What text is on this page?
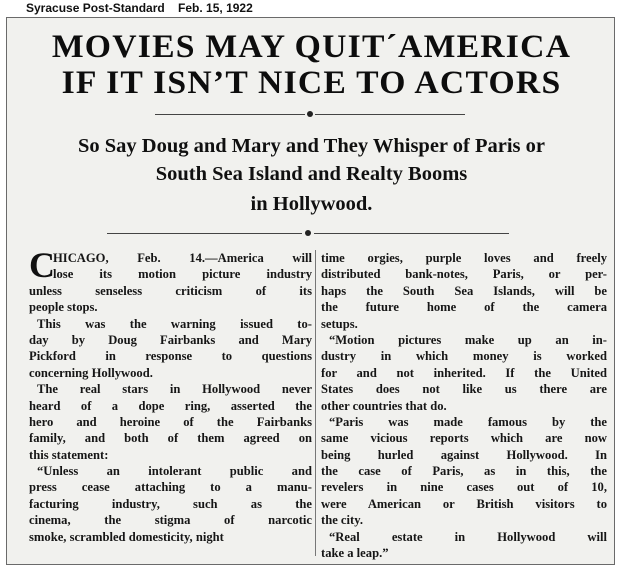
Syracuse Post-Standard    Feb. 15, 1922
MOVIES MAY QUIT´AMERICA
IF IT ISN’T NICE TO ACTORS
So Say Doug and Mary and They Whisper of Paris or
South Sea Island and Realty Booms
in Hollywood.
C
HICAGO, Feb. 14.—America will
lose its motion picture industry
unless senseless criticism of its
people stops.
This was the warning issued to-
day by Doug Fairbanks and Mary
Pickford in response to questions
concerning Hollywood.
The real stars in Hollywood never
heard of a dope ring, asserted the
hero and heroine of the Fairbanks
family, and both of them agreed on
this statement:
“Unless an intolerant public and
press cease attaching to a manu-
facturing industry, such as the
cinema, the stigma of narcotic
smoke, scrambled domesticity, night
time orgies, purple loves and freely
distributed bank-notes, Paris, or per-
haps the South Sea Islands, will be
the future home of the camera
setups.
“Motion pictures make up an in-
dustry in which money is worked
for and not inherited. If the United
States does not like us there are
other countries that do.
“Paris was made famous by the
same vicious reports which are now
being hurled against Hollywood. In
the case of Paris, as in this, the
revelers in nine cases out of 10,
were American or British visitors to
the city.
“Real estate in Hollywood will
take a leap.”
